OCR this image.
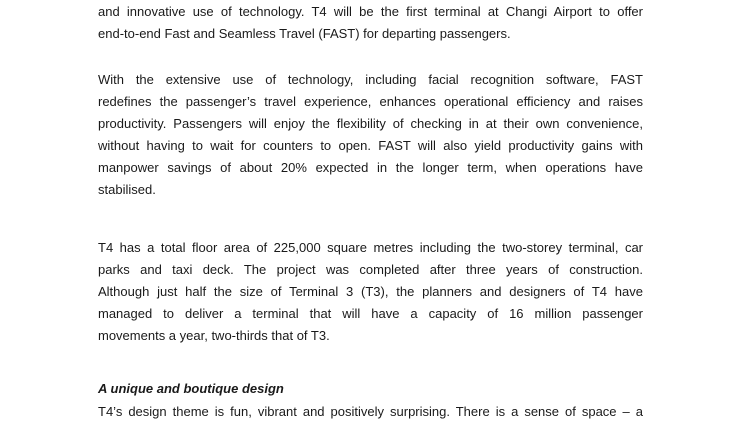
and innovative use of technology. T4 will be the first terminal at Changi Airport to offer
end-to-end Fast and Seamless Travel (FAST) for departing passengers.
With the extensive use of technology, including facial recognition software, FAST
redefines the passenger’s travel experience, enhances operational efficiency and raises
productivity. Passengers will enjoy the flexibility of checking in at their own convenience,
without having to wait for counters to open. FAST will also yield productivity gains with
manpower savings of about 20% expected in the longer term, when operations have
stabilised.
T4 has a total floor area of 225,000 square metres including the two-storey terminal, car
parks and taxi deck. The project was completed after three years of construction.
Although just half the size of Terminal 3 (T3), the planners and designers of T4 have
managed to deliver a terminal that will have a capacity of 16 million passenger
movements a year, two-thirds that of T3.
A unique and boutique design
T4’s design theme is fun, vibrant and positively surprising. There is a sense of space – a
